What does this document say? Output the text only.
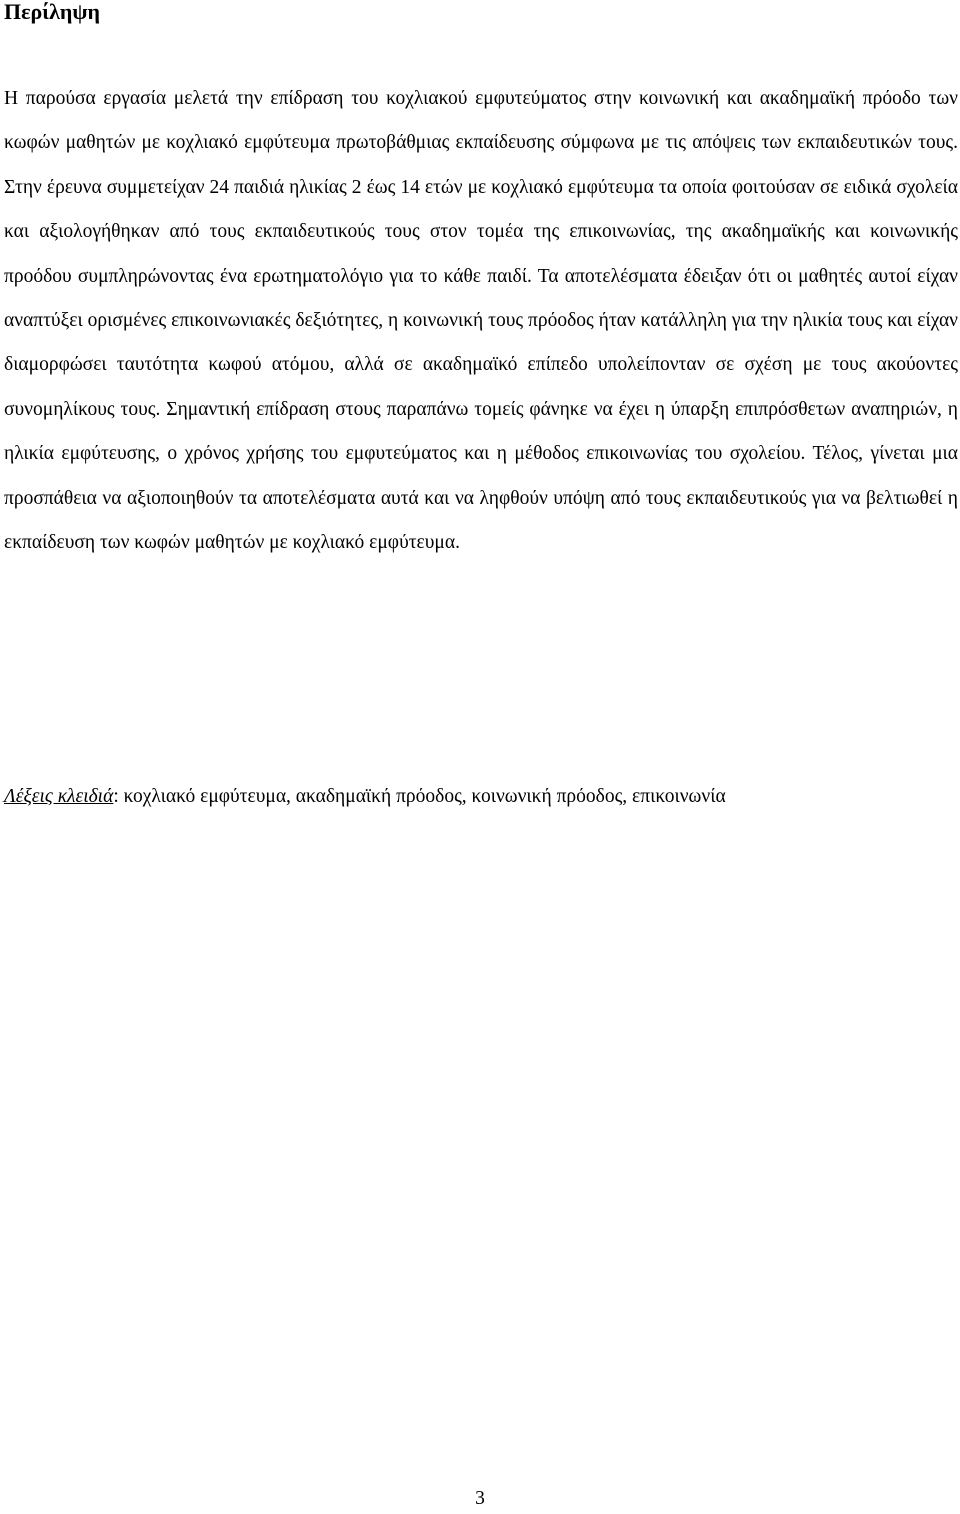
Περίληψη

Η παρούσα εργασία μελετά την επίδραση του κοχλιακού εμφυτεύματος στην κοινωνική και ακαδημαϊκή πρόοδο των κωφών μαθητών με κοχλιακό εμφύτευμα πρωτοβάθμιας εκπαίδευσης σύμφωνα με τις απόψεις των εκπαιδευτικών τους. Στην έρευνα συμμετείχαν 24 παιδιά ηλικίας 2 έως 14 ετών με κοχλιακό εμφύτευμα τα οποία φοιτούσαν σε ειδικά σχολεία και αξιολογήθηκαν από τους εκπαιδευτικούς τους στον τομέα της επικοινωνίας, της ακαδημαϊκής και κοινωνικής προόδου συμπληρώνοντας ένα ερωτηματολόγιο για το κάθε παιδί. Τα αποτελέσματα έδειξαν ότι οι μαθητές αυτοί είχαν αναπτύξει ορισμένες επικοινωνιακές δεξιότητες, η κοινωνική τους πρόοδος ήταν κατάλληλη για την ηλικία τους και είχαν διαμορφώσει ταυτότητα κωφού ατόμου, αλλά σε ακαδημαϊκό επίπεδο υπολείπονταν σε σχέση με τους ακούοντες συνομηλίκους τους. Σημαντική επίδραση στους παραπάνω τομείς φάνηκε να έχει η ύπαρξη επιπρόσθετων αναπηριών, η ηλικία εμφύτευσης, ο χρόνος χρήσης του εμφυτεύματος και η μέθοδος επικοινωνίας του σχολείου. Τέλος, γίνεται μια προσπάθεια να αξιοποιηθούν τα αποτελέσματα αυτά και να ληφθούν υπόψη από τους εκπαιδευτικούς για να βελτιωθεί η εκπαίδευση των κωφών μαθητών με κοχλιακό εμφύτευμα.

Λέξεις κλειδιά: κοχλιακό εμφύτευμα, ακαδημαϊκή πρόοδος, κοινωνική πρόοδος, επικοινωνία

3
